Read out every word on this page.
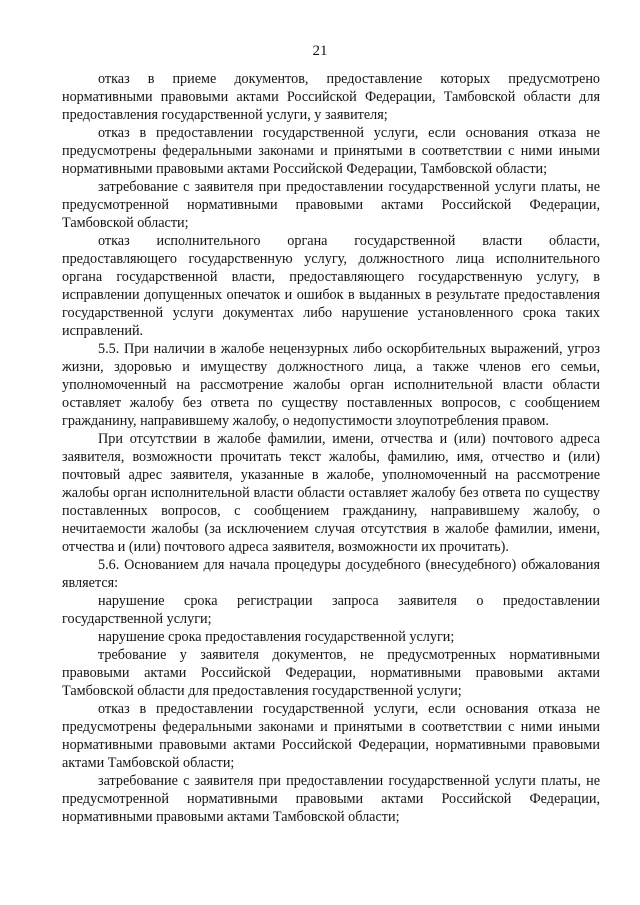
21

отказ в приеме документов, предоставление которых предусмотрено нормативными правовыми актами Российской Федерации, Тамбовской области для предоставления государственной услуги, у заявителя;

отказ в предоставлении государственной услуги, если основания отказа не предусмотрены федеральными законами и принятыми в соответствии с ними иными нормативными правовыми актами Российской Федерации, Тамбовской области;

затребование с заявителя при предоставлении государственной услуги платы, не предусмотренной нормативными правовыми актами Российской Федерации, Тамбовской области;

отказ исполнительного органа государственной власти области, предоставляющего государственную услугу, должностного лица исполнительного органа государственной власти, предоставляющего государственную услугу, в исправлении допущенных опечаток и ошибок в выданных в результате предоставления государственной услуги документах либо нарушение установленного срока таких исправлений.

5.5. При наличии в жалобе нецензурных либо оскорбительных выражений, угроз жизни, здоровью и имуществу должностного лица, а также членов его семьи, уполномоченный на рассмотрение жалобы орган исполнительной власти области оставляет жалобу без ответа по существу поставленных вопросов, с сообщением гражданину, направившему жалобу, о недопустимости злоупотребления правом.

При отсутствии в жалобе фамилии, имени, отчества и (или) почтового адреса заявителя, возможности прочитать текст жалобы, фамилию, имя, отчество и (или) почтовый адрес заявителя, указанные в жалобе, уполномоченный на рассмотрение жалобы орган исполнительной власти области оставляет жалобу без ответа по существу поставленных вопросов, с сообщением гражданину, направившему жалобу, о нечитаемости жалобы (за исключением случая отсутствия в жалобе фамилии, имени, отчества и (или) почтового адреса заявителя, возможности их прочитать).

5.6. Основанием для начала процедуры досудебного (внесудебного) обжалования является:

нарушение срока регистрации запроса заявителя о предоставлении государственной услуги;

нарушение срока предоставления государственной услуги;

требование у заявителя документов, не предусмотренных нормативными правовыми актами Российской Федерации, нормативными правовыми актами Тамбовской области для предоставления государственной услуги;

отказ в предоставлении государственной услуги, если основания отказа не предусмотрены федеральными законами и принятыми в соответствии с ними иными нормативными правовыми актами Российской Федерации, нормативными правовыми актами Тамбовской области;

затребование с заявителя при предоставлении государственной услуги платы, не предусмотренной нормативными правовыми актами Российской Федерации, нормативными правовыми актами Тамбовской области;
